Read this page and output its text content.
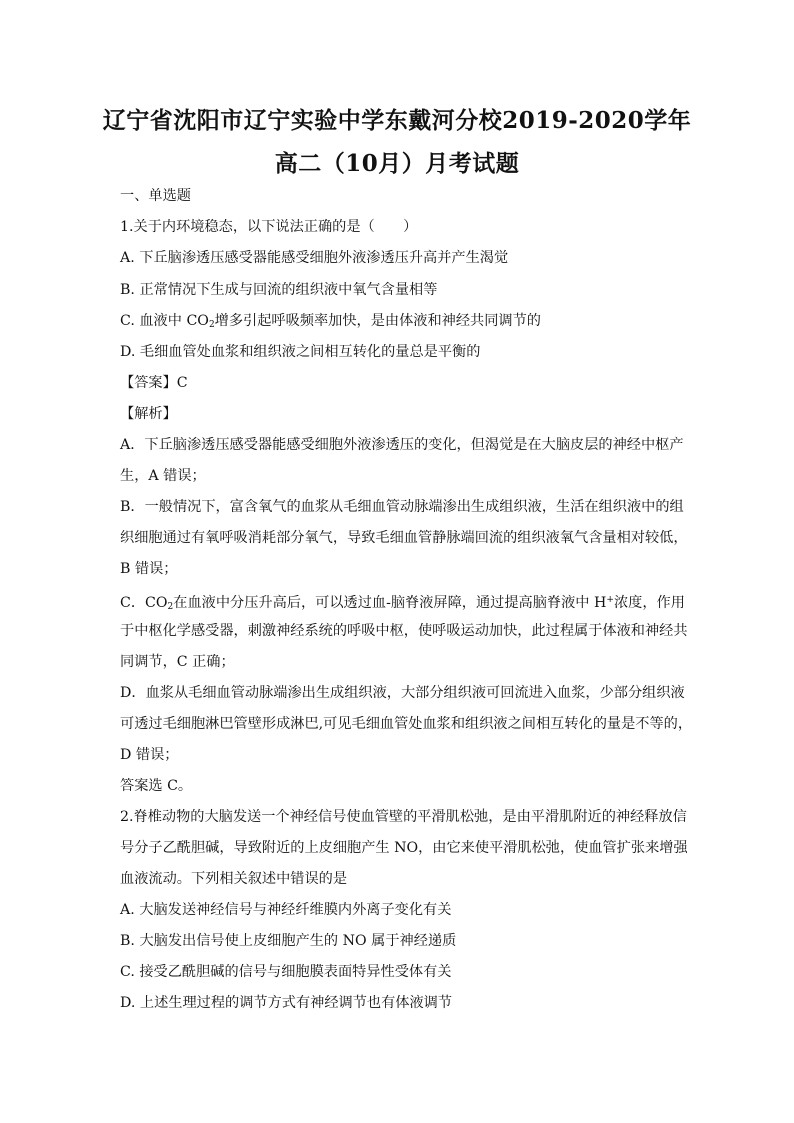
辽宁省沈阳市辽宁实验中学东戴河分校2019-2020学年
高二（10月）月考试题
一、单选题
1.关于内环境稳态，以下说法正确的是（　　）
A. 下丘脑渗透压感受器能感受细胞外液渗透压升高并产生渴觉
B. 正常情况下生成与回流的组织液中氧气含量相等
C. 血液中 $CO_2$增多引起呼吸频率加快，是由体液和神经共同调节的
D. 毛细血管处血浆和组织液之间相互转化的量总是平衡的
【答案】C
【解析】
A．下丘脑渗透压感受器能感受细胞外液渗透压的变化，但渴觉是在大脑皮层的神经中枢产
生，A 错误；
B．一般情况下，富含氧气的血浆从毛细血管动脉端渗出生成组织液，生活在组织液中的组
织细胞通过有氧呼吸消耗部分氧气，导致毛细血管静脉端回流的组织液氧气含量相对较低，
B 错误；
C．$CO_2$在血液中分压升高后，可以透过血-脑脊液屏障，通过提高脑脊液中 H+浓度，作用
于中枢化学感受器，刺激神经系统的呼吸中枢，使呼吸运动加快，此过程属于体液和神经共
同调节，C 正确；
D．血浆从毛细血管动脉端渗出生成组织液，大部分组织液可回流进入血浆，少部分组织液
可透过毛细胞淋巴管壁形成淋巴,可见毛细血管处血浆和组织液之间相互转化的量是不等的，
D 错误；
答案选 C。
2.脊椎动物的大脑发送一个神经信号使血管壁的平滑肌松弛，是由平滑肌附近的神经释放信
号分子乙酰胆碱，导致附近的上皮细胞产生 NO，由它来使平滑肌松弛，使血管扩张来增强
血液流动。下列相关叙述中错误的是
A. 大脑发送神经信号与神经纤维膜内外离子变化有关
B. 大脑发出信号使上皮细胞产生的 NO 属于神经递质
C. 接受乙酰胆碱的信号与细胞膜表面特异性受体有关
D. 上述生理过程的调节方式有神经调节也有体液调节
